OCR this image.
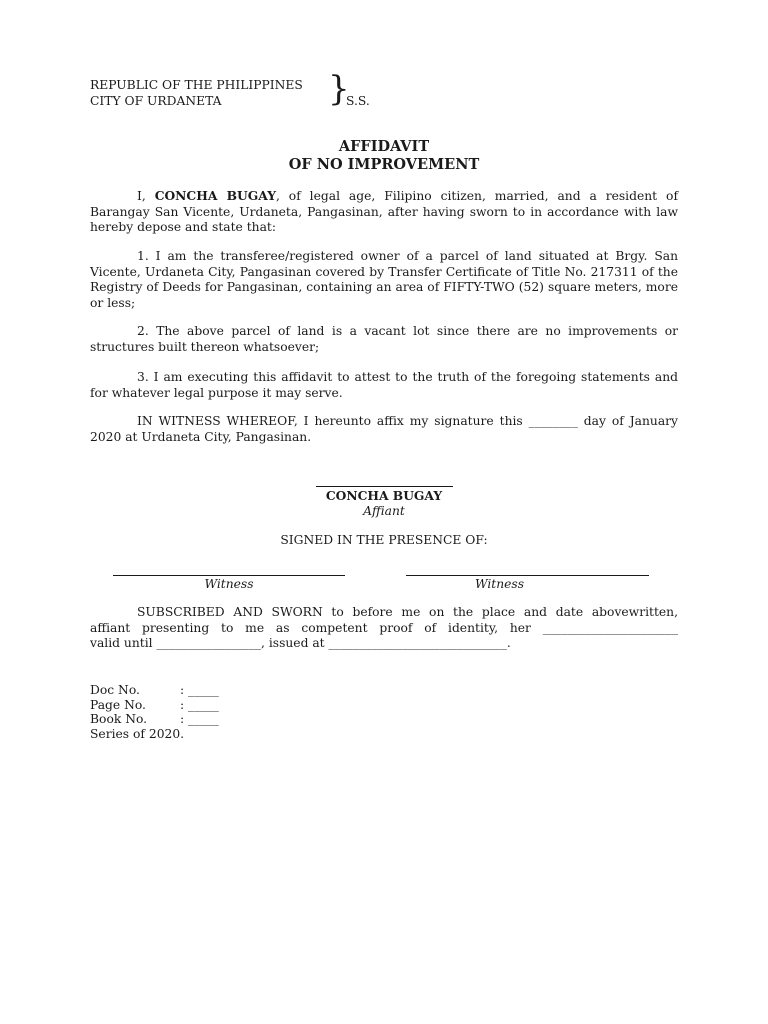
REPUBLIC OF THE PHILIPPINES
CITY OF URDANETA	}
S.S.
AFFIDAVIT
OF NO IMPROVEMENT
I, CONCHA BUGAY, of legal age, Filipino citizen, married, and a resident of Barangay San Vicente, Urdaneta, Pangasinan, after having sworn to in accordance with law hereby depose and state that:
1. I am the transferee/registered owner of a parcel of land situated at Brgy. San Vicente, Urdaneta City, Pangasinan covered by Transfer Certificate of Title No. 217311 of the Registry of Deeds for Pangasinan, containing an area of FIFTY-TWO (52) square meters, more or less;
2. The above parcel of land is a vacant lot since there are no improvements or structures built thereon whatsoever;
3. I am executing this affidavit to attest to the truth of the foregoing statements and for whatever legal purpose it may serve.
IN WITNESS WHEREOF, I hereunto affix my signature this ________ day of January 2020 at Urdaneta City, Pangasinan.
CONCHA BUGAY
Affiant
SIGNED IN THE PRESENCE OF:
Witness	Witness
SUBSCRIBED AND SWORN to before me on the place and date abovewritten,
affiant presenting to me as competent proof of identity, her ______________________
valid until _________________, issued at _____________________________.
Doc No.	: _____
Page No.	: _____
Book No.	: _____
Series of 2020.
